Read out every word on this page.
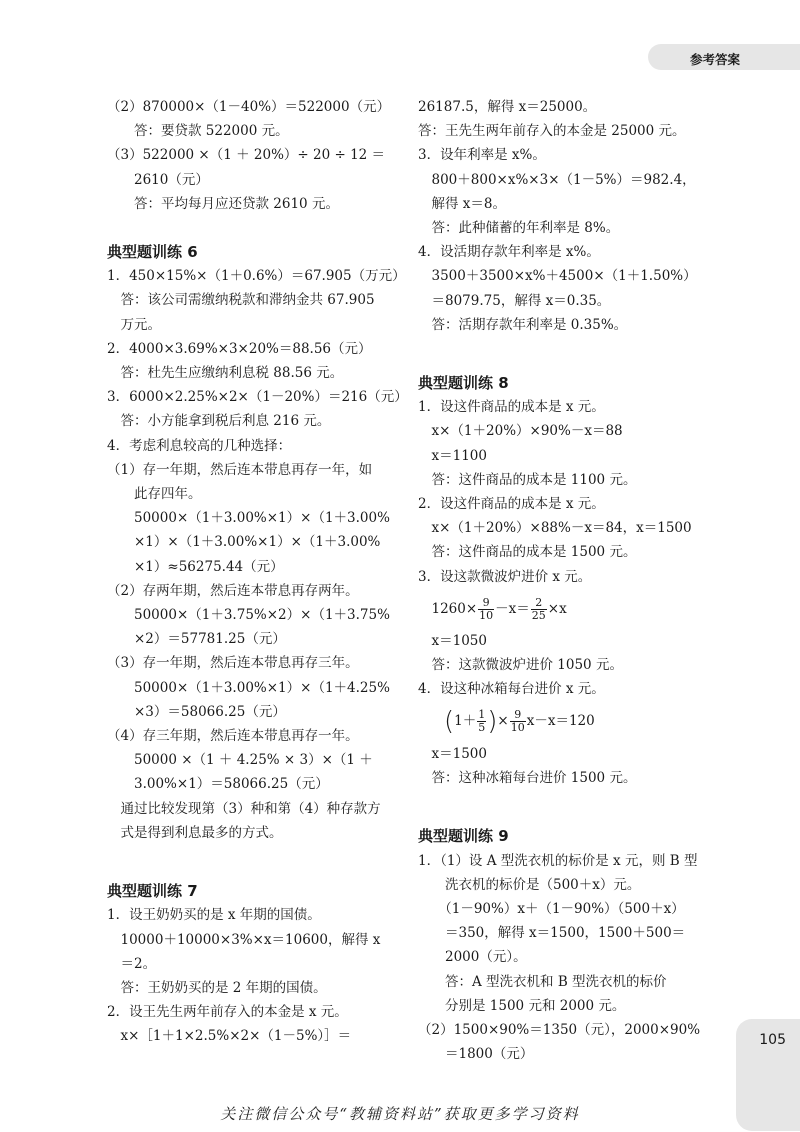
参考答案
（2）870000×（1－40%）＝522000（元）
　　答：要贷款 522000 元。
（3）522000 ×（1 ＋ 20%）÷ 20 ÷ 12 ＝
　　2610（元）
　　答：平均每月应还贷款 2610 元。
典型题训练 6
1．450×15%×（1＋0.6%）＝67.905（万元）
　答：该公司需缴纳税款和滞纳金共 67.905
　万元。
2．4000×3.69%×3×20%＝88.56（元）
　答：杜先生应缴纳利息税 88.56 元。
3．6000×2.25%×2×（1－20%）＝216（元）
　答：小方能拿到税后利息 216 元。
4．考虑利息较高的几种选择：
（1）存一年期，然后连本带息再存一年，如
　　此存四年。
　　50000×（1＋3.00%×1）×（1＋3.00%
　　×1）×（1＋3.00%×1）×（1＋3.00%
　　×1）≈56275.44（元）
（2）存两年期，然后连本带息再存两年。
　　50000×（1＋3.75%×2）×（1＋3.75%
　　×2）＝57781.25（元）
（3）存一年期，然后连本带息再存三年。
　　50000×（1＋3.00%×1）×（1＋4.25%
　　×3）＝58066.25（元）
（4）存三年期，然后连本带息再存一年。
　　50000 ×（1 ＋ 4.25% × 3）×（1 ＋
　　3.00%×1）＝58066.25（元）
　通过比较发现第（3）种和第（4）种存款方
　式是得到利息最多的方式。
典型题训练 7
1．设王奶奶买的是 x 年期的国债。
　10000＋10000×3%×x＝10600，解得 x
　＝2。
　答：王奶奶买的是 2 年期的国债。
2．设王先生两年前存入的本金是 x 元。
　x×［1＋1×2.5%×2×（1－5%）］＝
26187.5，解得 x＝25000。
答：王先生两年前存入的本金是 25000 元。
3．设年利率是 x%。
　800＋800×x%×3×（1－5%）＝982.4，
　解得 x＝8。
　答：此种储蓄的年利率是 8%。
4．设活期存款年利率是 x%。
　3500＋3500×x%＋4500×（1＋1.50%）
　＝8079.75，解得 x＝0.35。
　答：活期存款年利率是 0.35%。
典型题训练 8
1．设这件商品的成本是 x 元。
　x×（1＋20%）×90%－x＝88
　x＝1100
　答：这件商品的成本是 1100 元。
2．设这件商品的成本是 x 元。
　x×（1＋20%）×88%－x＝84，x＝1500
　答：这件商品的成本是 1500 元。
3．设这款微波炉进价 x 元。
　$1260\times \frac{9}{10} -x= \frac{2}{25} \times x$
　x＝1050
　答：这款微波炉进价 1050 元。
4．设这种冰箱每台进价 x 元。
　($1+ \frac{1}{5}$ )× $\frac{9}{10} x-x=120$
　x＝1500
　答：这种冰箱每台进价 1500 元。
典型题训练 9
1．（1）设 A 型洗衣机的标价是 x 元，则 B 型
　　洗衣机的标价是（500＋x）元。
　　（1－90%）x＋（1－90%）（500＋x）
　　＝350，解得 x＝1500，1500＋500＝
　　2000（元）。
　　答：A 型洗衣机和 B 型洗衣机的标价
　　分别是 1500 元和 2000 元。
（2）1500×90%＝1350（元），2000×90%
　　＝1800（元）
105
关注微信公众号“教辅资料站”获取更多学习资料
